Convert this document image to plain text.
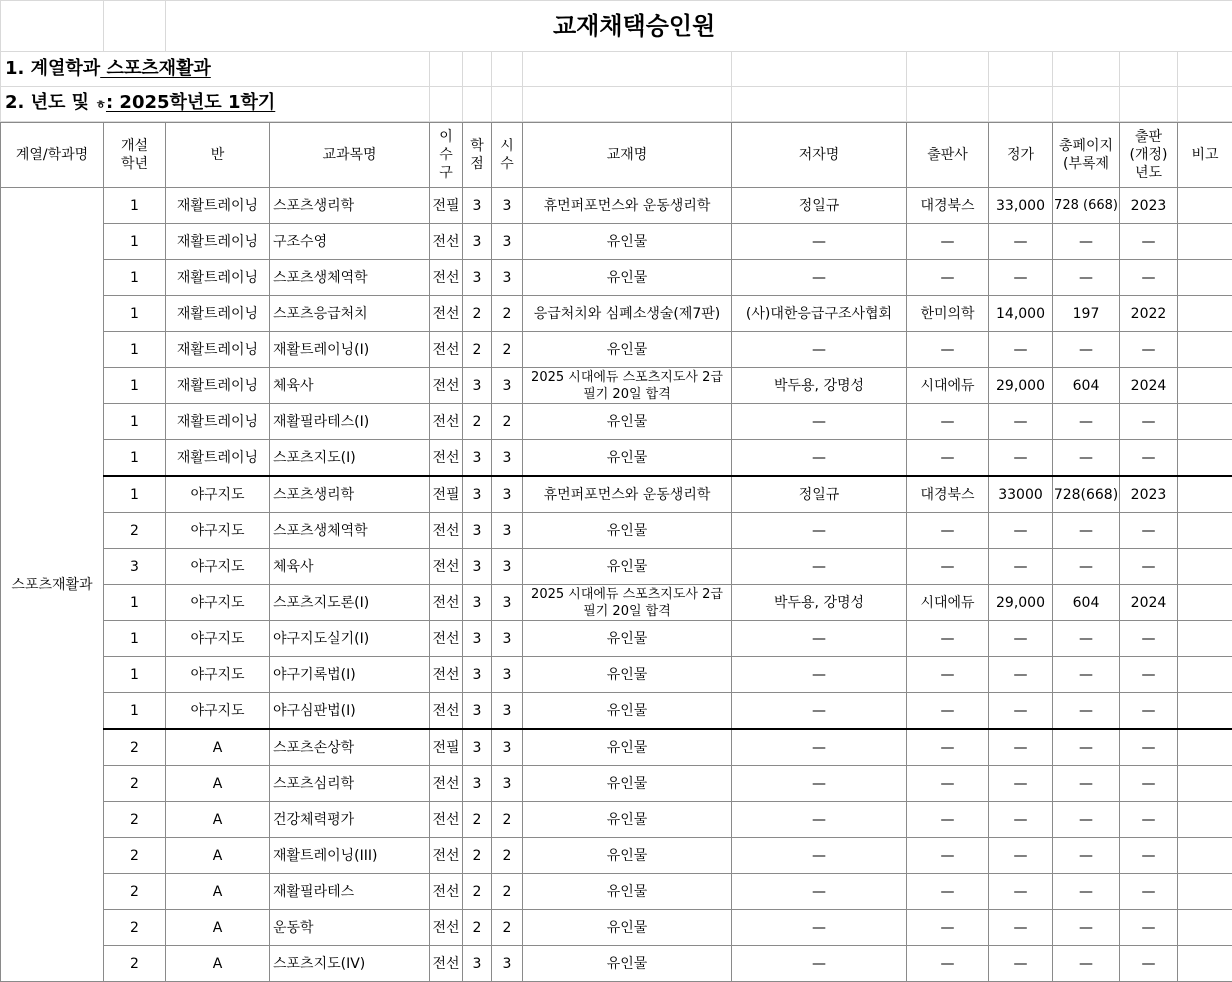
		교재채택승인원										
1. 계열학과 스포츠재활과												
2. 년도 및 ㅎ: 2025학년도 1학기												
계열/학과명	개설 학년	반	교과목명	이 수 구	학 점	시 수	교재명	저자명	출판사	정가	총페이지 (부록제	출판 (개정) 년도	비고
스포츠재활과	1	재활트레이닝	스포츠생리학	전필	3	3	휴먼퍼포먼스와 운동생리학	정일규	대경북스	33,000	728 (668)	2023	
	1	재활트레이닝	구조수영	전선	3	3	유인물	—	—	—	—	—	
	1	재활트레이닝	스포츠생체역학	전선	3	3	유인물	—	—	—	—	—	
	1	재활트레이닝	스포츠응급처치	전선	2	2	응급처치와 심폐소생술(제7판)	(사)대한응급구조사협회	한미의학	14,000	197	2022	
	1	재활트레이닝	재활트레이닝(I)	전선	2	2	유인물	—	—	—	—	—	
	1	재활트레이닝	체육사	전선	3	3	2025 시대에듀 스포츠지도사 2급 필기 20일 합격	박두용, 강명성	시대에듀	29,000	604	2024	
	1	재활트레이닝	재활필라테스(I)	전선	2	2	유인물	—	—	—	—	—	
	1	재활트레이닝	스포츠지도(I)	전선	3	3	유인물	—	—	—	—	—	
	1	야구지도	스포츠생리학	전필	3	3	휴먼퍼포먼스와 운동생리학	정일규	대경북스	33000	728(668)	2023	
	2	야구지도	스포츠생체역학	전선	3	3	유인물	—	—	—	—	—	
	3	야구지도	체육사	전선	3	3	유인물	—	—	—	—	—	
	1	야구지도	스포츠지도론(I)	전선	3	3	2025 시대에듀 스포츠지도사 2급 필기 20일 합격	박두용, 강명성	시대에듀	29,000	604	2024	
	1	야구지도	야구지도실기(I)	전선	3	3	유인물	—	—	—	—	—	
	1	야구지도	야구기록법(I)	전선	3	3	유인물	—	—	—	—	—	
	1	야구지도	야구심판법(I)	전선	3	3	유인물	—	—	—	—	—	
	2	A	스포츠손상학	전필	3	3	유인물	—	—	—	—	—	
	2	A	스포츠심리학	전선	3	3	유인물	—	—	—	—	—	
	2	A	건강체력평가	전선	2	2	유인물	—	—	—	—	—	
	2	A	재활트레이닝(III)	전선	2	2	유인물	—	—	—	—	—	
	2	A	재활필라테스	전선	2	2	유인물	—	—	—	—	—	
	2	A	운동학	전선	2	2	유인물	—	—	—	—	—	
	2	A	스포츠지도(IV)	전선	3	3	유인물	—	—	—	—	—	
